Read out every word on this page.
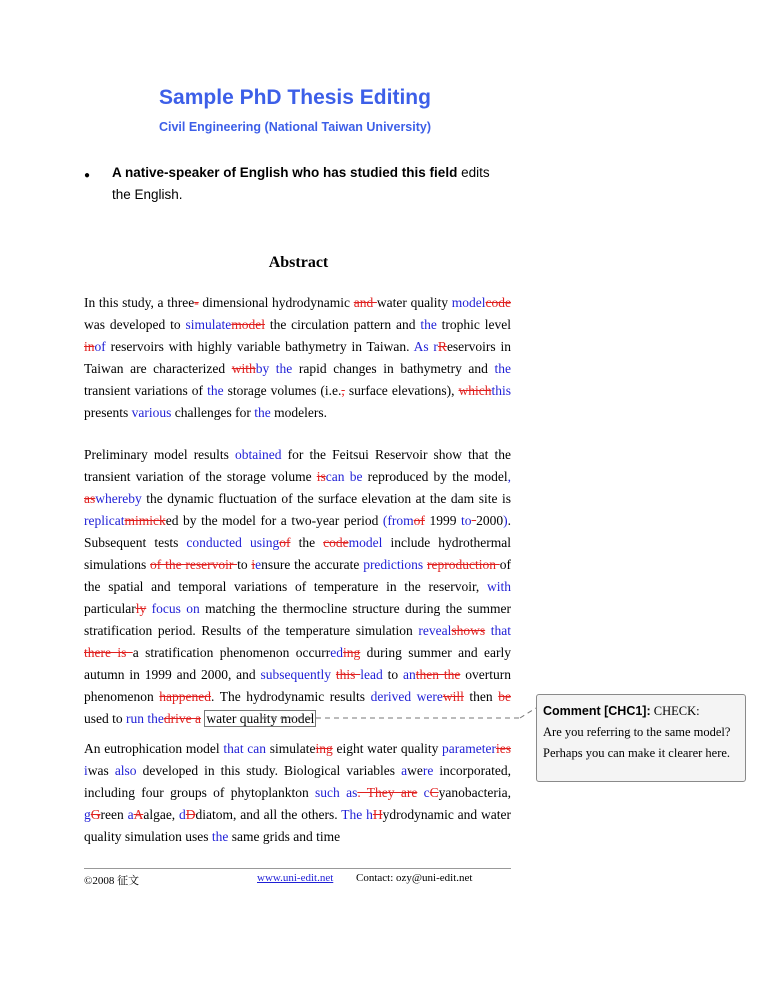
Sample PhD Thesis Editing
Civil Engineering (National Taiwan University)
● A native-speaker of English who has studied this field edits the English.
Abstract
In this study, a three- dimensional hydrodynamic and water quality modelcode was developed to simulatemodel the circulation pattern and the trophic level inof reservoirs with highly variable bathymetry in Taiwan. As rReservoirs in Taiwan are characterized withby the rapid changes in bathymetry and the transient variations of the storage volumes (i.e., surface elevations), whichthis presents various challenges for the modelers.
Preliminary model results obtained for the Feitsui Reservoir show that the transient variation of the storage volume iscan be reproduced by the model, aswhereby the dynamic fluctuation of the surface elevation at the dam site is replicatmimicked by the model for a two-year period (fromof 1999 to 2000). Subsequent tests conducted usingof the codemodel include hydrothermal simulations of the reservoir to iensure the accurate predictions reproduction of the spatial and temporal variations of temperature in the reservoir, with particularly focus on matching the thermocline structure during the summer stratification period. Results of the temperature simulation revealshows that there is a stratification phenomenon occurreding during summer and early autumn in 1999 and 2000, and subsequently this lead to anthen the overturn phenomenon happened. The hydrodynamic results derived werewill then be used to run thedrive a water quality model
An eutrophication model that can simulateing eight water quality parameteries iwas also developed in this study. Biological variables awere incorporated, including four groups of phytoplankton such as. They are cCyanobacteria, gGreen aAalgae, dDdiatom, and all the others. The hHydrodynamic and water quality simulation uses the same grids and time
Comment [CHC1]: CHECK:
Are you referring to the same model? Perhaps you can make it clearer here.
©2008 征文	www.uni-edit.net Contact: ozy@uni-edit.net
